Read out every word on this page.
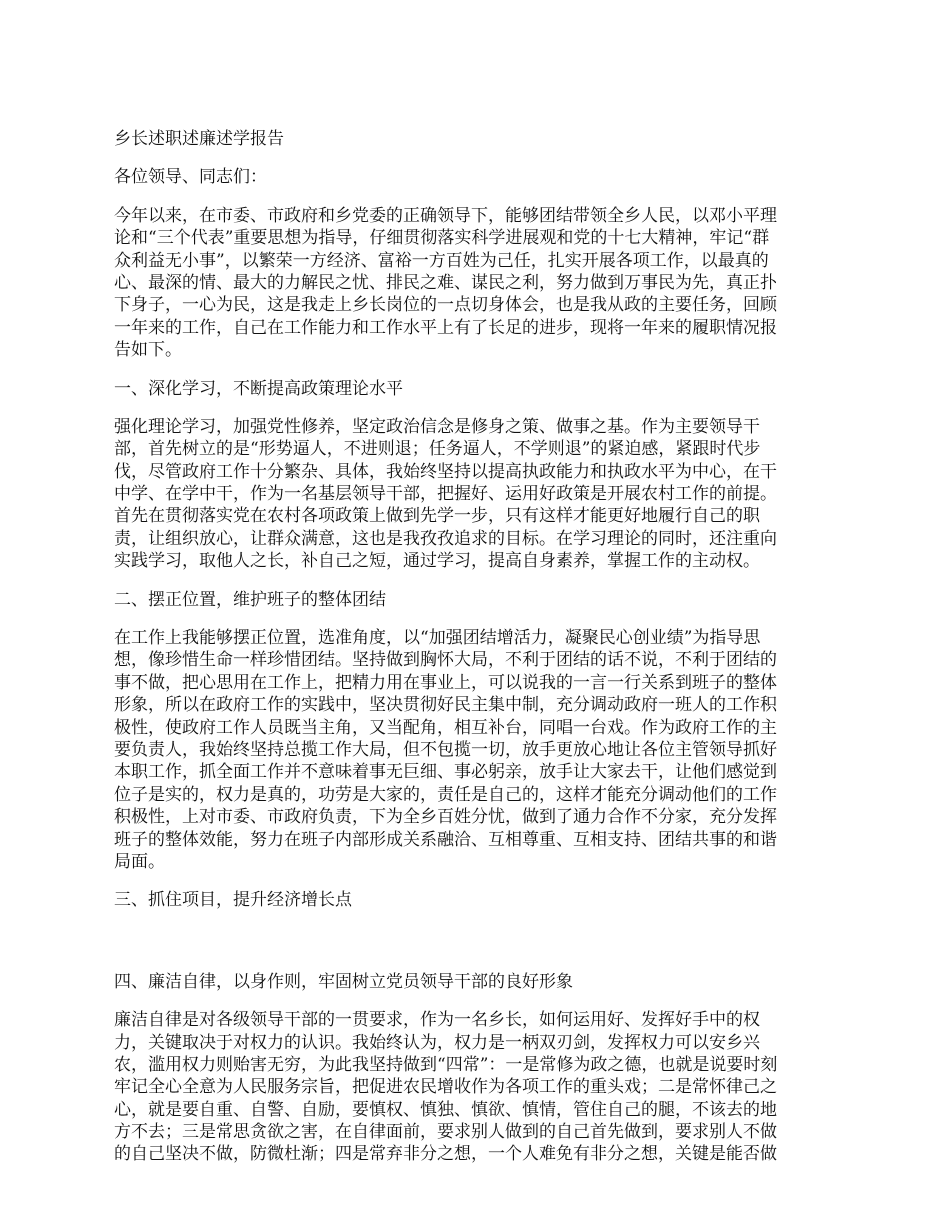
乡长述职述廉述学报告
各位领导、同志们：
今年以来，在市委、市政府和乡党委的正确领导下，能够团结带领全乡人民，以邓小平理
论和“三个代表”重要思想为指导，仔细贯彻落实科学进展观和党的十七大精神，牢记“群
众利益无小事”，以繁荣一方经济、富裕一方百姓为己任，扎实开展各项工作，以最真的
心、最深的情、最大的力解民之忧、排民之难、谋民之利，努力做到万事民为先，真正扑
下身子，一心为民，这是我走上乡长岗位的一点切身体会，也是我从政的主要任务，回顾
一年来的工作，自己在工作能力和工作水平上有了长足的进步，现将一年来的履职情况报
告如下。
一、深化学习，不断提高政策理论水平
强化理论学习，加强党性修养，坚定政治信念是修身之策、做事之基。作为主要领导干
部，首先树立的是“形势逼人，不进则退；任务逼人，不学则退”的紧迫感，紧跟时代步
伐，尽管政府工作十分繁杂、具体，我始终坚持以提高执政能力和执政水平为中心，在干
中学、在学中干，作为一名基层领导干部，把握好、运用好政策是开展农村工作的前提。
首先在贯彻落实党在农村各项政策上做到先学一步，只有这样才能更好地履行自己的职
责，让组织放心，让群众满意，这也是我孜孜追求的目标。在学习理论的同时，还注重向
实践学习，取他人之长，补自己之短，通过学习，提高自身素养，掌握工作的主动权。
二、摆正位置，维护班子的整体团结
在工作上我能够摆正位置，选准角度，以“加强团结增活力，凝聚民心创业绩”为指导思
想，像珍惜生命一样珍惜团结。坚持做到胸怀大局，不利于团结的话不说，不利于团结的
事不做，把心思用在工作上，把精力用在事业上，可以说我的一言一行关系到班子的整体
形象，所以在政府工作的实践中，坚决贯彻好民主集中制，充分调动政府一班人的工作积
极性，使政府工作人员既当主角，又当配角，相互补台，同唱一台戏。作为政府工作的主
要负责人，我始终坚持总揽工作大局，但不包揽一切，放手更放心地让各位主管领导抓好
本职工作，抓全面工作并不意味着事无巨细、事必躬亲，放手让大家去干，让他们感觉到
位子是实的，权力是真的，功劳是大家的，责任是自己的，这样才能充分调动他们的工作
积极性，上对市委、市政府负责，下为全乡百姓分忧，做到了通力合作不分家，充分发挥
班子的整体效能，努力在班子内部形成关系融洽、互相尊重、互相支持、团结共事的和谐
局面。
三、抓住项目，提升经济增长点
四、廉洁自律，以身作则，牢固树立党员领导干部的良好形象
廉洁自律是对各级领导干部的一贯要求，作为一名乡长，如何运用好、发挥好手中的权
力，关键取决于对权力的认识。我始终认为，权力是一柄双刃剑，发挥权力可以安乡兴
农，滥用权力则贻害无穷，为此我坚持做到“四常”：一是常修为政之德，也就是说要时刻
牢记全心全意为人民服务宗旨，把促进农民增收作为各项工作的重头戏；二是常怀律己之
心，就是要自重、自警、自励，要慎权、慎独、慎欲、慎情，管住自己的腿，不该去的地
方不去；三是常思贪欲之害，在自律面前，要求别人做到的自己首先做到，要求别人不做
的自己坚决不做，防微杜渐；四是常弃非分之想，一个人难免有非分之想，关键是能否做
